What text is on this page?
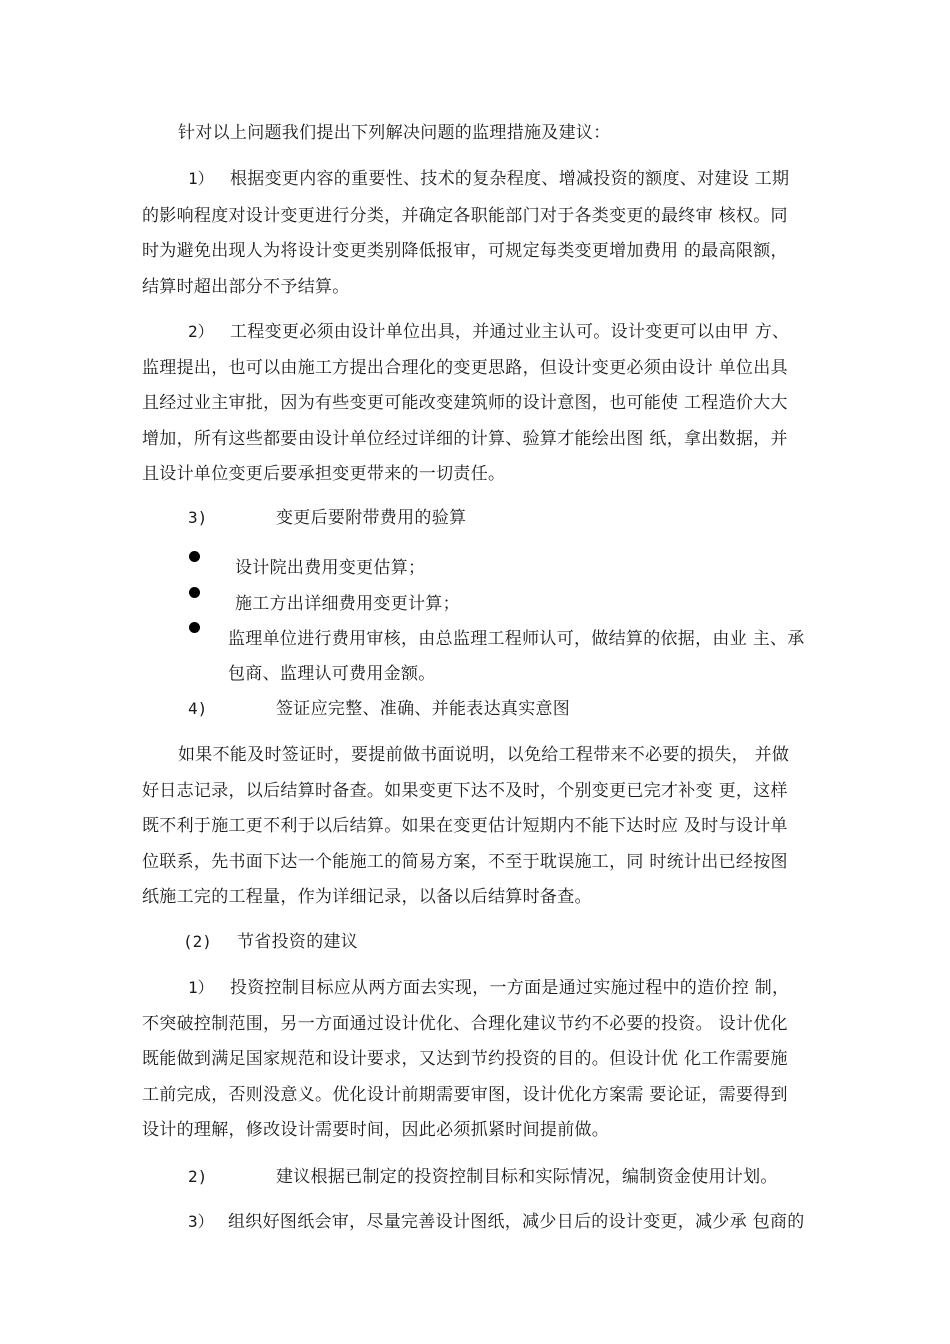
针对以上问题我们提出下列解决问题的监理措施及建议：
1） 根据变更内容的重要性、技术的复杂程度、增减投资的额度、对建设 工期
的影响程度对设计变更进行分类，并确定各职能部门对于各类变更的最终审 核权。同
时为避免出现人为将设计变更类别降低报审，可规定每类变更增加费用 的最高限额，
结算时超出部分不予结算。
2） 工程变更必须由设计单位出具，并通过业主认可。设计变更可以由甲 方、
监理提出，也可以由施工方提出合理化的变更思路，但设计变更必须由设计 单位出具
且经过业主审批，因为有些变更可能改变建筑师的设计意图，也可能使 工程造价大大
增加，所有这些都要由设计单位经过详细的计算、验算才能绘出图 纸，拿出数据，并
且设计单位变更后要承担变更带来的一切责任。
3)	变更后要附带费用的验算
设计院出费用变更估算；
施工方出详细费用变更计算；
监理单位进行费用审核，由总监理工程师认可，做结算的依据，由业 主、承
包商、监理认可费用金额。
4)	签证应完整、准确、并能表达真实意图
如果不能及时签证时，要提前做书面说明，以免给工程带来不必要的损失， 并做
好日志记录，以后结算时备查。如果变更下达不及时，个别变更已完才补变 更，这样
既不利于施工更不利于以后结算。如果在变更估计短期内不能下达时应 及时与设计单
位联系，先书面下达一个能施工的简易方案，不至于耽误施工，同 时统计出已经按图
纸施工完的工程量，作为详细记录，以备以后结算时备查。
(2) 节省投资的建议
1） 投资控制目标应从两方面去实现，一方面是通过实施过程中的造价控 制，
不突破控制范围，另一方面通过设计优化、合理化建议节约不必要的投资。 设计优化
既能做到满足国家规范和设计要求，又达到节约投资的目的。但设计优 化工作需要施
工前完成，否则没意义。优化设计前期需要审图，设计优化方案需 要论证，需要得到
设计的理解，修改设计需要时间，因此必须抓紧时间提前做。
2)	建议根据已制定的投资控制目标和实际情况，编制资金使用计划。
3） 组织好图纸会审，尽量完善设计图纸，减少日后的设计变更，减少承 包商的
